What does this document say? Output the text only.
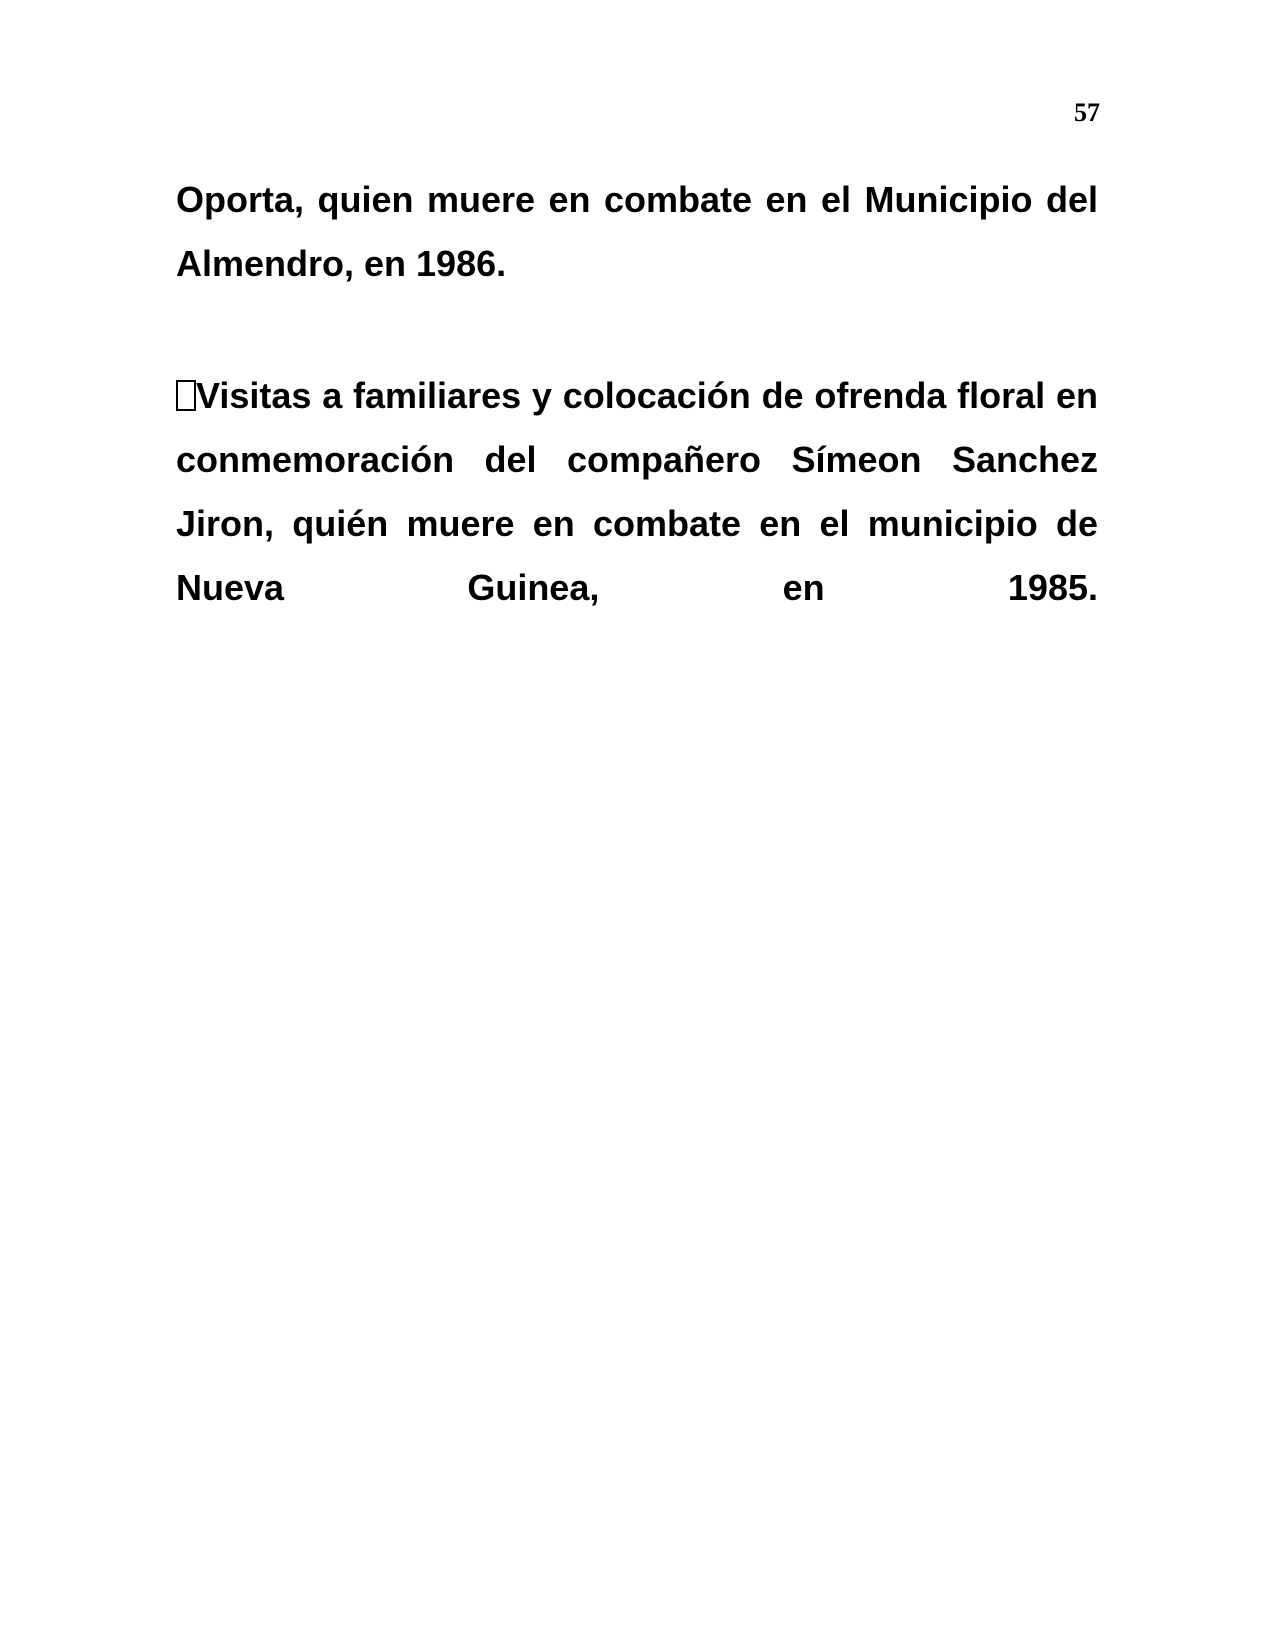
57

Oporta, quien muere en combate en el Municipio del Almendro, en 1986.

Visitas a familiares y colocación de ofrenda floral en conmemoración del compañero Símeon Sanchez Jiron, quién muere en combate en el municipio de Nueva Guinea, en 1985.
